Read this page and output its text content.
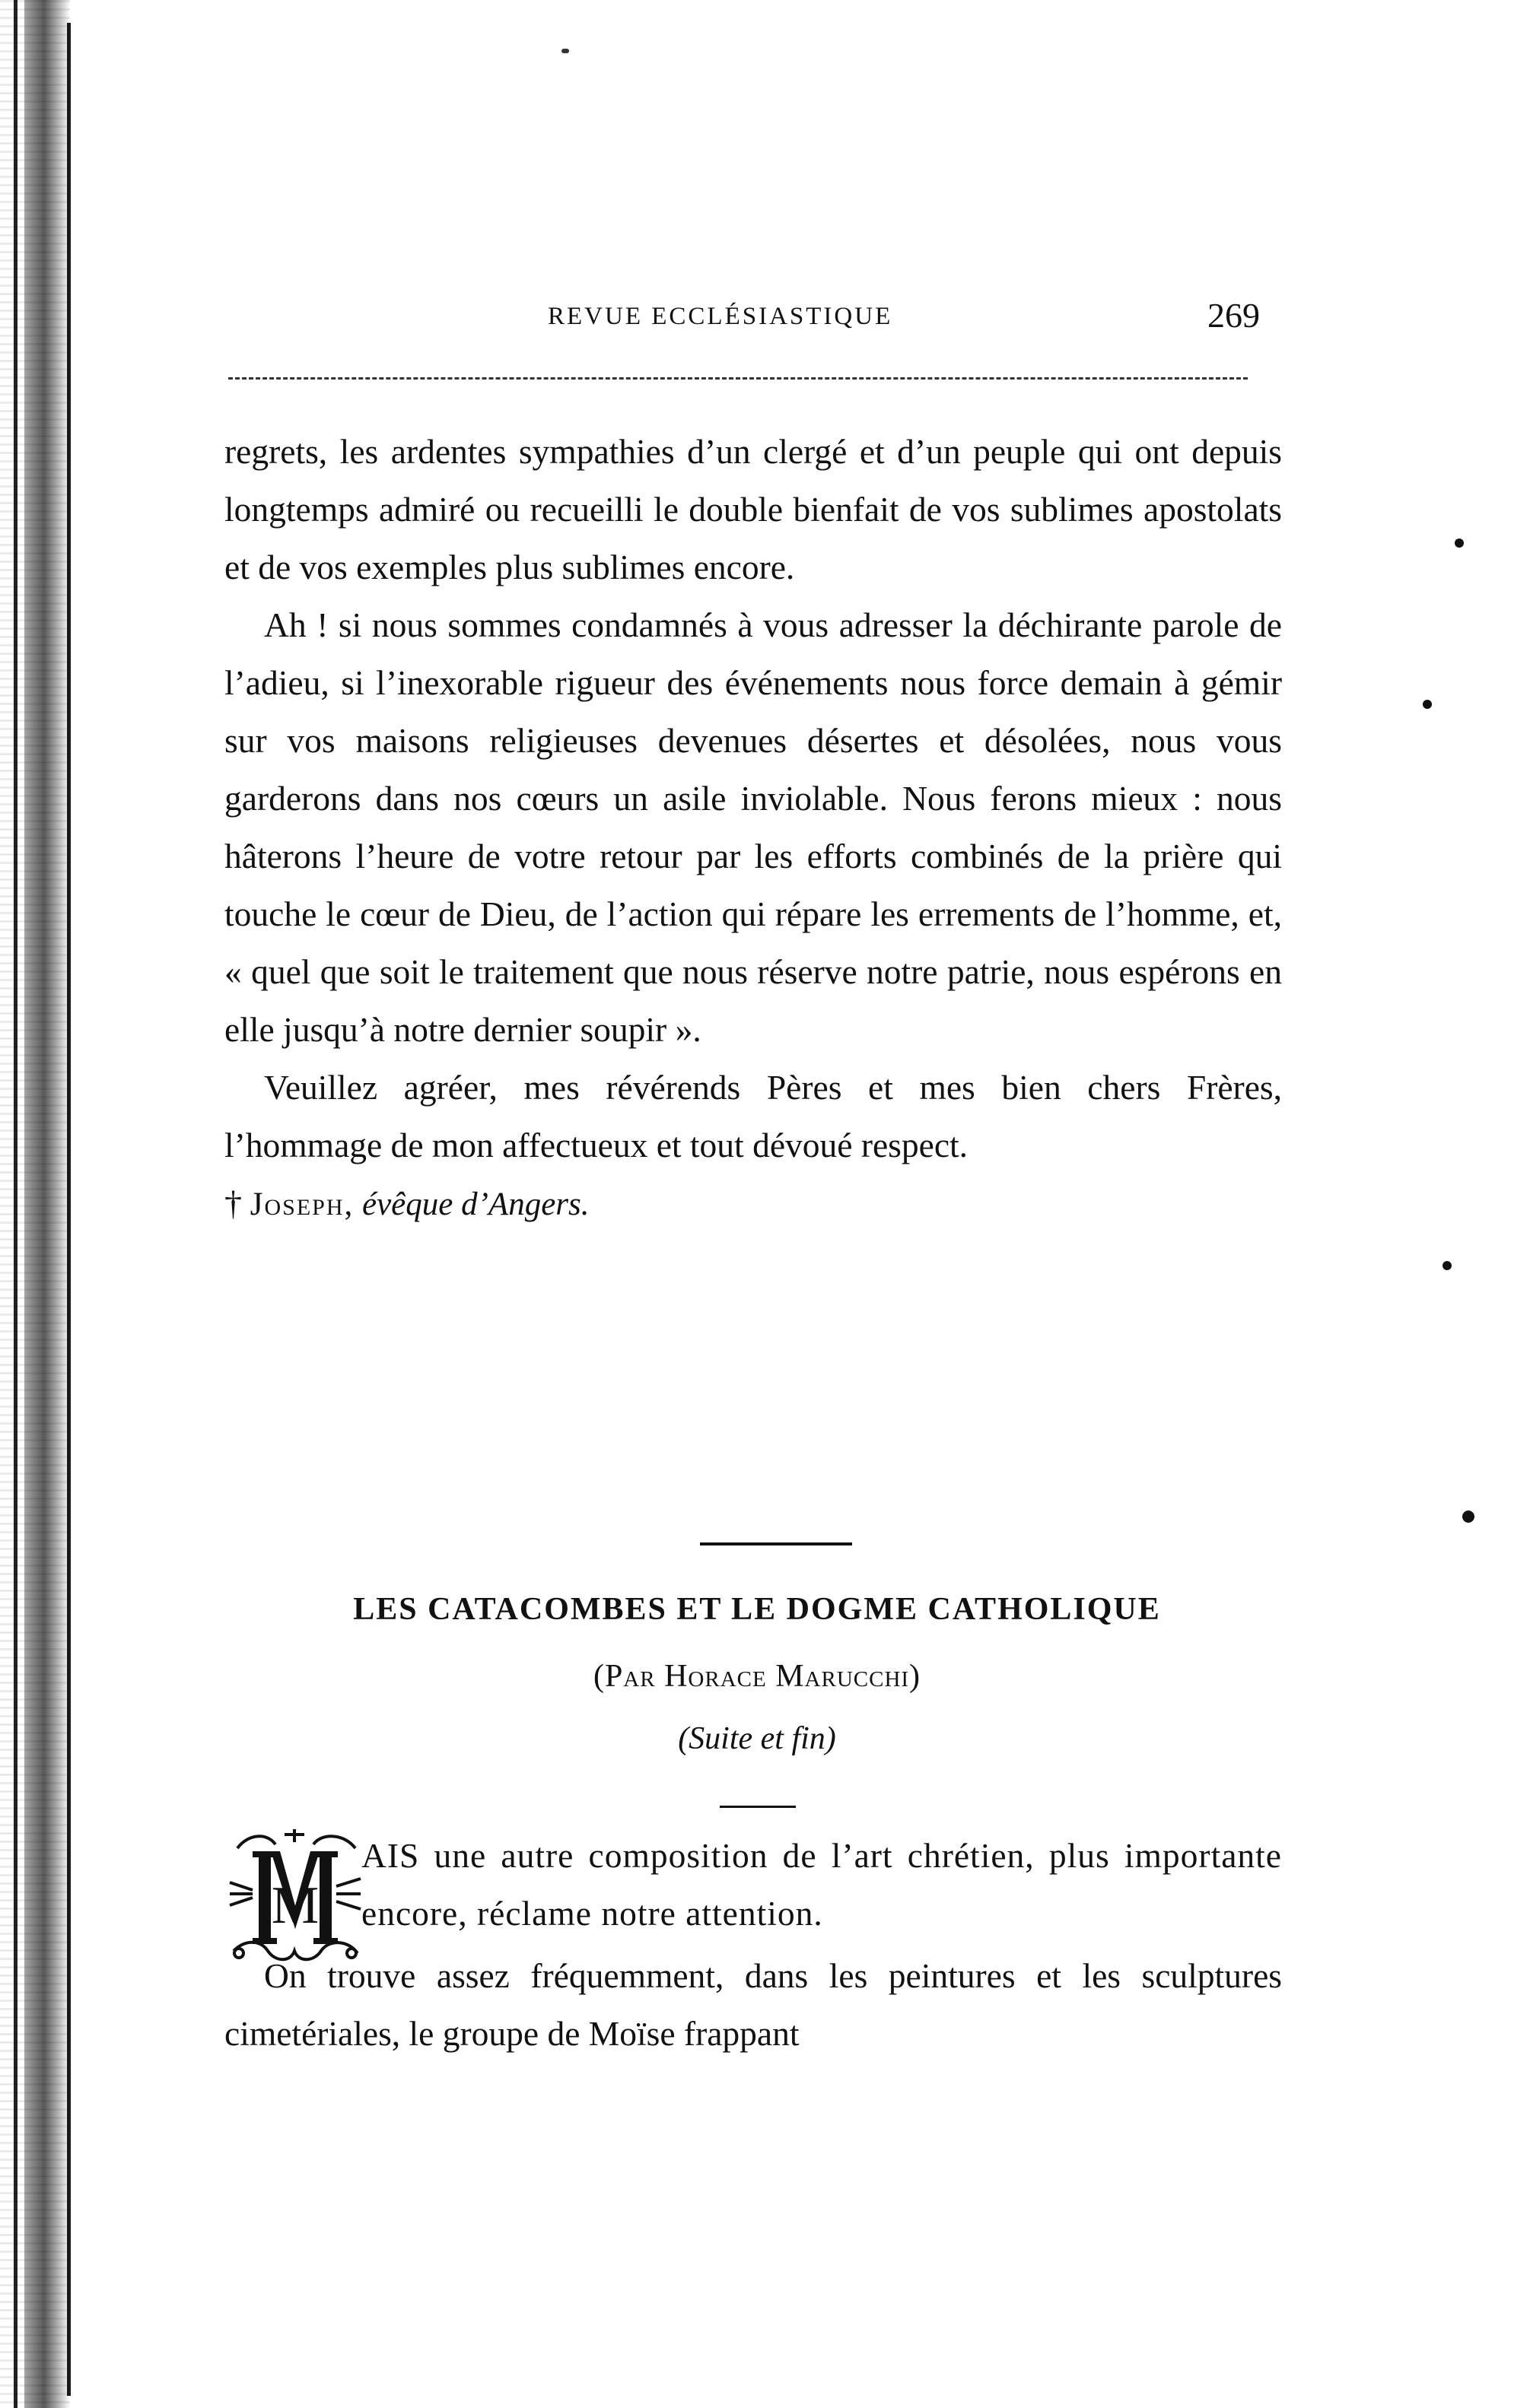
REVUE ECCLÉSIASTIQUE	269

regrets, les ardentes sympathies d’un clergé et d’un peuple qui ont depuis longtemps admiré ou recueilli le double bienfait de vos sublimes apostolats et de vos exemples plus sublimes encore.

Ah ! si nous sommes condamnés à vous adresser la déchirante parole de l’adieu, si l’inexorable rigueur des événements nous force demain à gémir sur vos maisons religieuses devenues désertes et désolées, nous vous garderons dans nos cœurs un asile inviolable. Nous ferons mieux : nous hâterons l’heure de votre retour par les efforts combinés de la prière qui touche le cœur de Dieu, de l’action qui répare les errements de l’homme, et, « quel que soit le traitement que nous réserve notre patrie, nous espérons en elle jusqu’à notre dernier soupir ».

Veuillez agréer, mes révérends Pères et mes bien chers Frères, l’hommage de mon affectueux et tout dévoué respect.

† Joseph, évêque d’Angers.

LES CATACOMBES ET LE DOGME CATHOLIQUE
(Par Horace Marucchi)
(Suite et fin)
M

AIS une autre composition de l’art chrétien, plus importante encore, réclame notre attention.

On trouve assez fréquemment, dans les peintures et les sculptures cimetériales, le groupe de Moïse frappant
